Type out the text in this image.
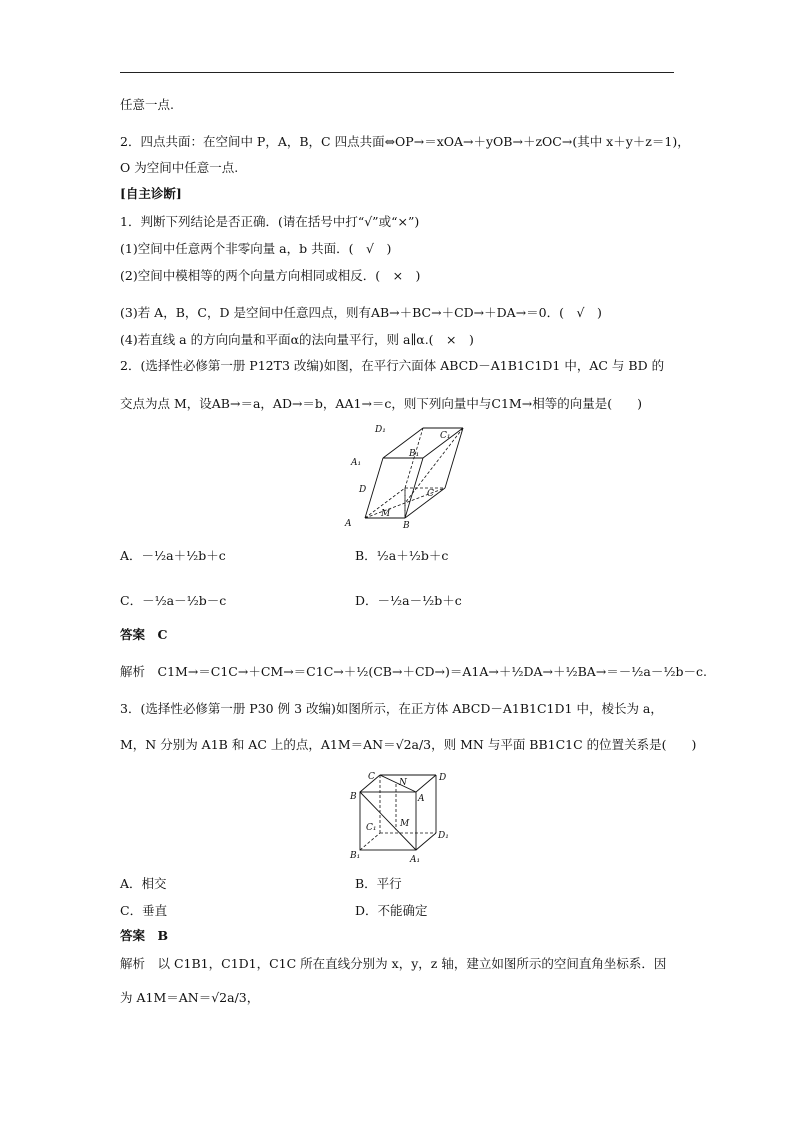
任意一点.
2．四点共面：在空间中 P，A，B，C 四点共面⇔OP→＝xOA→＋yOB→＋zOC→(其中 x＋y＋z＝1)，
O 为空间中任意一点.
[自主诊断]
1．判断下列结论是否正确．(请在括号中打“√”或“×”)
(1)空间中任意两个非零向量 a，b 共面．(　√　)
(2)空间中模相等的两个向量方向相同或相反．(　×　)
(3)若 A，B，C，D 是空间中任意四点，则有AB→＋BC→＋CD→＋DA→＝0．(　√　)
(4)若直线 a 的方向向量和平面α的法向量平行，则 a∥α.(　×　)
2．(选择性必修第一册 P12T3 改编)如图，在平行六面体 ABCD－A1B1C1D1 中，AC 与 BD 的
交点为点 M，设AB→＝a，AD→＝b，AA1→＝c，则下列向量中与C1M→相等的向量是(　　)
D₁
C₁
A₁
B₁
D	C
M
A	B
A．－½a＋½b＋c	B．½a＋½b＋c
C．－½a－½b－c	D．－½a－½b＋c
答案　C
解析　C1M→＝C1C→＋CM→＝C1C→＋½(CB→＋CD→)＝A1A→＋½DA→＋½BA→＝－½a－½b－c.
3．(选择性必修第一册 P30 例 3 改编)如图所示，在正方体 ABCD－A1B1C1D1 中，棱长为 a，
M，N 分别为 A1B 和 AC 上的点，A1M＝AN＝√2a/3，则 MN 与平面 BB1C1C 的位置关系是(　　)
C
N	D
B	A
C₁	M
D₁
B₁	A₁
A．相交	B．平行
C．垂直	D．不能确定
答案　B
解析　以 C1B1，C1D1，C1C 所在直线分别为 x，y，z 轴，建立如图所示的空间直角坐标系．因
为 A1M＝AN＝√2a/3，
